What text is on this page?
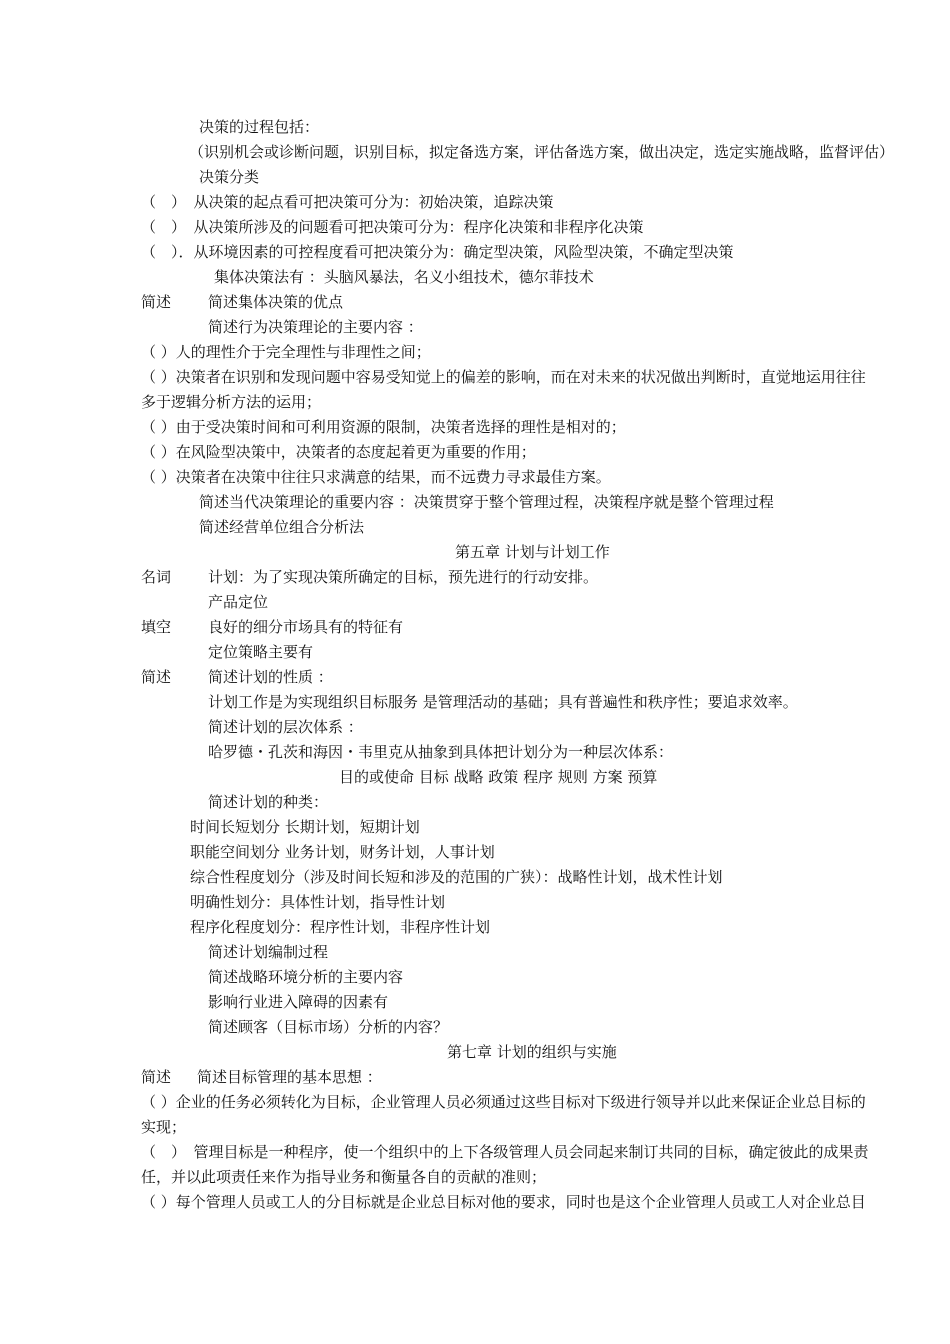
决策的过程包括：
（识别机会或诊断问题，识别目标，拟定备选方案，评估备选方案，做出决定，选定实施战略，监督评估）
决策分类
（　）　从决策的起点看可把决策可分为：初始决策，追踪决策
（　）　从决策所涉及的问题看可把决策可分为：程序化决策和非程序化决策
（　）．从环境因素的可控程度看可把决策分为：确定型决策，风险型决策，不确定型决策
集体决策法有 ：头脑风暴法，名义小组技术，德尔菲技术
简述 简述集体决策的优点
简述行为决策理论的主要内容 ：
（ ）人的理性介于完全理性与非理性之间；
（ ）决策者在识别和发现问题中容易受知觉上的偏差的影响，而在对未来的状况做出判断时，直觉地运用往往
多于逻辑分析方法的运用；
（ ）由于受决策时间和可利用资源的限制，决策者选择的理性是相对的；
（ ）在风险型决策中，决策者的态度起着更为重要的作用；
（ ）决策者在决策中往往只求满意的结果，而不远费力寻求最佳方案。
简述当代决策理论的重要内容 ：决策贯穿于整个管理过程，决策程序就是整个管理过程
简述经营单位组合分析法
第五章 计划与计划工作
名词 计划：为了实现决策所确定的目标，预先进行的行动安排。
产品定位
填空 良好的细分市场具有的特征有
定位策略主要有
简述 简述计划的性质 ：
计划工作是为实现组织目标服务 是管理活动的基础；具有普遍性和秩序性；要追求效率。
简述计划的层次体系 ：
哈罗德・孔茨和海因・韦里克从抽象到具体把计划分为一种层次体系：
目的或使命 目标 战略 政策 程序 规则 方案 预算
简述计划的种类：
时间长短划分 长期计划，短期计划
职能空间划分 业务计划，财务计划，人事计划
综合性程度划分（涉及时间长短和涉及的范围的广狭）：战略性计划，战术性计划
明确性划分：具体性计划，指导性计划
程序化程度划分：程序性计划，非程序性计划
简述计划编制过程
简述战略环境分析的主要内容
影响行业进入障碍的因素有
简述顾客（目标市场）分析的内容？
第七章 计划的组织与实施
简述 简述目标管理的基本思想 ：
（ ）企业的任务必须转化为目标，企业管理人员必须通过这些目标对下级进行领导并以此来保证企业总目标的
实现；
（　）　管理目标是一种程序，使一个组织中的上下各级管理人员会同起来制订共同的目标，确定彼此的成果责
任，并以此项责任来作为指导业务和衡量各自的贡献的准则；
（ ）每个管理人员或工人的分目标就是企业总目标对他的要求，同时也是这个企业管理人员或工人对企业总目
